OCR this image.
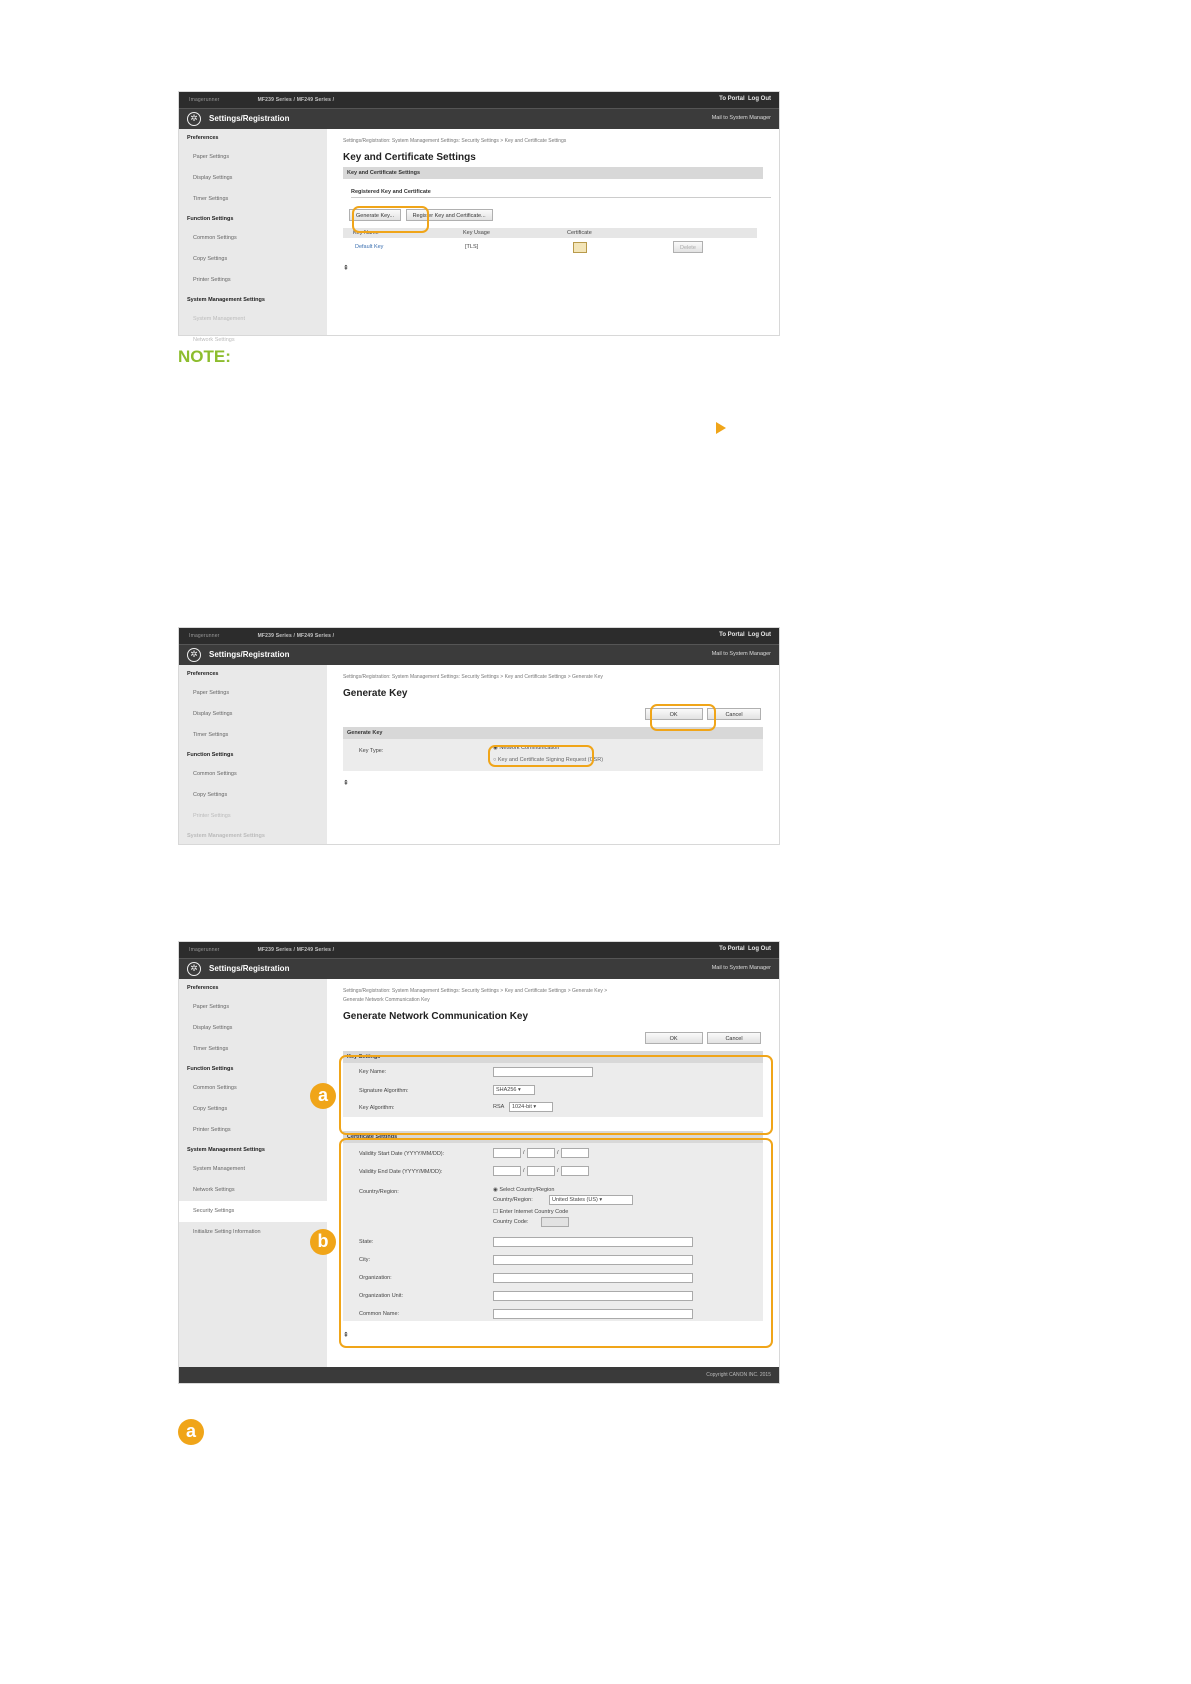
Imagerunner	MF239 Series / MF249 Series /	To Portal Log Out
✲	Settings/Registration	Mail to System Manager
Preferences
Paper Settings
Display Settings
Timer Settings
Function Settings
Common Settings
Copy Settings
Printer Settings
System Management Settings
System Management
Network Settings
Settings/Registration: System Management Settings: Security Settings > Key and Certificate Settings
Key and Certificate Settings
Key and Certificate Settings
Registered Key and Certificate
Generate Key...	Register Key and Certificate...
Key Name	Key Usage	Certificate
Default Key	[TLS]	Delete
⇞
NOTE:
Imagerunner	MF239 Series / MF249 Series /	To Portal Log Out
✲	Settings/Registration	Mail to System Manager
Preferences
Paper Settings
Display Settings
Timer Settings
Function Settings
Common Settings
Copy Settings
Printer Settings
System Management Settings
Settings/Registration: System Management Settings: Security Settings > Key and Certificate Settings > Generate Key
Generate Key
OK	Cancel
Generate Key
Key Type:	◉ Network Communication
○ Key and Certificate Signing Request (CSR)
⇞
Imagerunner	MF239 Series / MF249 Series /	To Portal Log Out
✲	Settings/Registration	Mail to System Manager
Preferences
Paper Settings
Display Settings
Timer Settings
Function Settings
Common Settings
Copy Settings
Printer Settings
System Management Settings
System Management
Network Settings
Security Settings
Initialize Setting Information
Settings/Registration: System Management Settings: Security Settings > Key and Certificate Settings > Generate Key >
Generate Network Communication Key
Generate Network Communication Key
OK	Cancel
Key Settings
Key Name:
Signature Algorithm:	SHA256 ▾
Key Algorithm:	RSA	1024-bit ▾
Certificate Settings
Validity Start Date (YYYY/MM/DD):	/	/
Validity End Date (YYYY/MM/DD):	/	/
Country/Region:	◉ Select Country/Region
Country/Region:	United States (US) ▾
☐ Enter Internet Country Code
Country Code:
State:
City:
Organization:
Organization Unit:
Common Name:
⇞
a
b
Copyright CANON INC. 2015
a
